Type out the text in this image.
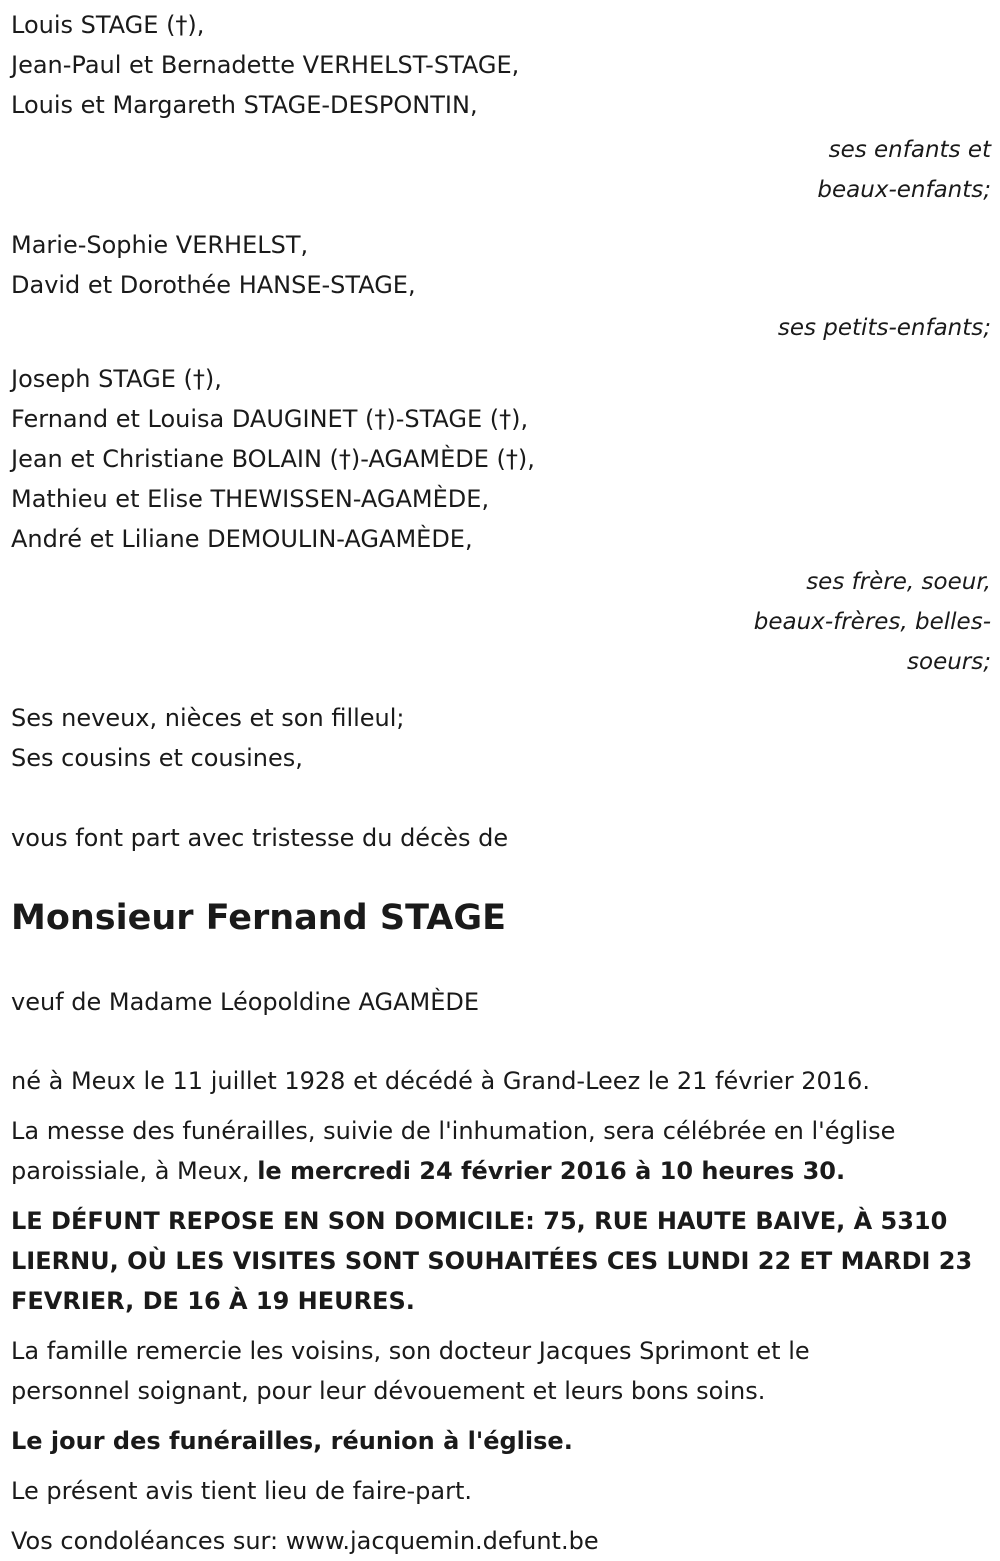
Louis STAGE (†),
Jean-Paul et Bernadette VERHELST-STAGE,
Louis et Margareth STAGE-DESPONTIN,
ses enfants et
beaux-enfants;
Marie-Sophie VERHELST,
David et Dorothée HANSE-STAGE,
ses petits-enfants;
Joseph STAGE (†),
Fernand et Louisa DAUGINET (†)-STAGE (†),
Jean et Christiane BOLAIN (†)-AGAMÈDE (†),
Mathieu et Elise THEWISSEN-AGAMÈDE,
André et Liliane DEMOULIN-AGAMÈDE,
ses frère, soeur,
beaux-frères, belles-
soeurs;
Ses neveux, nièces et son filleul;
Ses cousins et cousines,
vous font part avec tristesse du décès de
Monsieur Fernand STAGE
veuf de Madame Léopoldine AGAMÈDE
né à Meux le 11 juillet 1928 et décédé à Grand-Leez le 21 février 2016.
La messe des funérailles, suivie de l'inhumation, sera célébrée en l'église
paroissiale, à Meux, le mercredi 24 février 2016 à 10 heures 30.
LE DÉFUNT REPOSE EN SON DOMICILE: 75, RUE HAUTE BAIVE, À 5310
LIERNU, OÙ LES VISITES SONT SOUHAITÉES CES LUNDI 22 ET MARDI 23
FEVRIER, DE 16 À 19 HEURES.
La famille remercie les voisins, son docteur Jacques Sprimont et le
personnel soignant, pour leur dévouement et leurs bons soins.
Le jour des funérailles, réunion à l'église.
Le présent avis tient lieu de faire-part.
Vos condoléances sur: www.jacquemin.defunt.be
